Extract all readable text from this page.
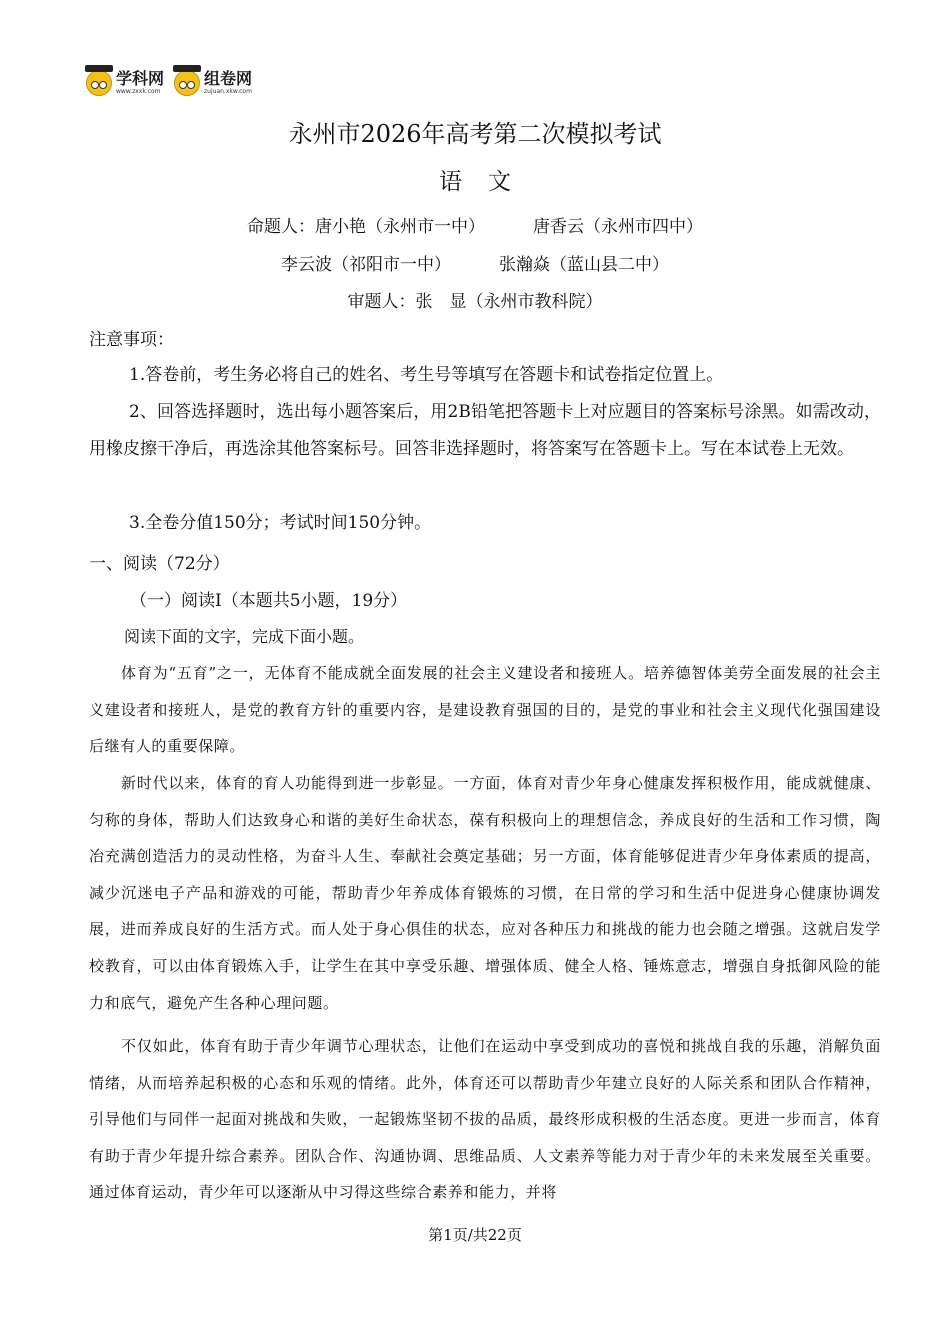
学科网
www.zxxk.com
组卷网
zujuan.xkw.com
永州市2026年高考第二次模拟考试
语文
命题人：唐小艳（永州市一中）	唐香云（永州市四中）
李云波（祁阳市一中）	张瀚焱（蓝山县二中）
审题人：张　显（永州市教科院）
注意事项：

1.答卷前，考生务必将自己的姓名、考生号等填写在答题卡和试卷指定位置上。

2、回答选择题时，选出每小题答案后，用2B铅笔把答题卡上对应题目的答案标号涂黑。如需改动，用橡皮擦干净后，再选涂其他答案标号。回答非选择题时，将答案写在答题卡上。写在本试卷上无效。

3.全卷分值150分；考试时间150分钟。

一、阅读（72分）

（一）阅读Ⅰ（本题共5小题，19分）

阅读下面的文字，完成下面小题。

体育为“五育”之一，无体育不能成就全面发展的社会主义建设者和接班人。培养德智体美劳全面发展的社会主义建设者和接班人，是党的教育方针的重要内容，是建设教育强国的目的，是党的事业和社会主义现代化强国建设后继有人的重要保障。

新时代以来，体育的育人功能得到进一步彰显。一方面，体育对青少年身心健康发挥积极作用，能成就健康、匀称的身体，帮助人们达致身心和谐的美好生命状态，葆有积极向上的理想信念，养成良好的生活和工作习惯，陶冶充满创造活力的灵动性格，为奋斗人生、奉献社会奠定基础；另一方面，体育能够促进青少年身体素质的提高，减少沉迷电子产品和游戏的可能，帮助青少年养成体育锻炼的习惯，在日常的学习和生活中促进身心健康协调发展，进而养成良好的生活方式。而人处于身心俱佳的状态，应对各种压力和挑战的能力也会随之增强。这就启发学校教育，可以由体育锻炼入手，让学生在其中享受乐趣、增强体质、健全人格、锤炼意志，增强自身抵御风险的能力和底气，避免产生各种心理问题。

不仅如此，体育有助于青少年调节心理状态，让他们在运动中享受到成功的喜悦和挑战自我的乐趣，消解负面情绪，从而培养起积极的心态和乐观的情绪。此外，体育还可以帮助青少年建立良好的人际关系和团队合作精神，引导他们与同伴一起面对挑战和失败，一起锻炼坚韧不拔的品质，最终形成积极的生活态度。更进一步而言，体育有助于青少年提升综合素养。团队合作、沟通协调、思维品质、人文素养等能力对于青少年的未来发展至关重要。通过体育运动，青少年可以逐渐从中习得这些综合素养和能力，并将

第1页/共22页
